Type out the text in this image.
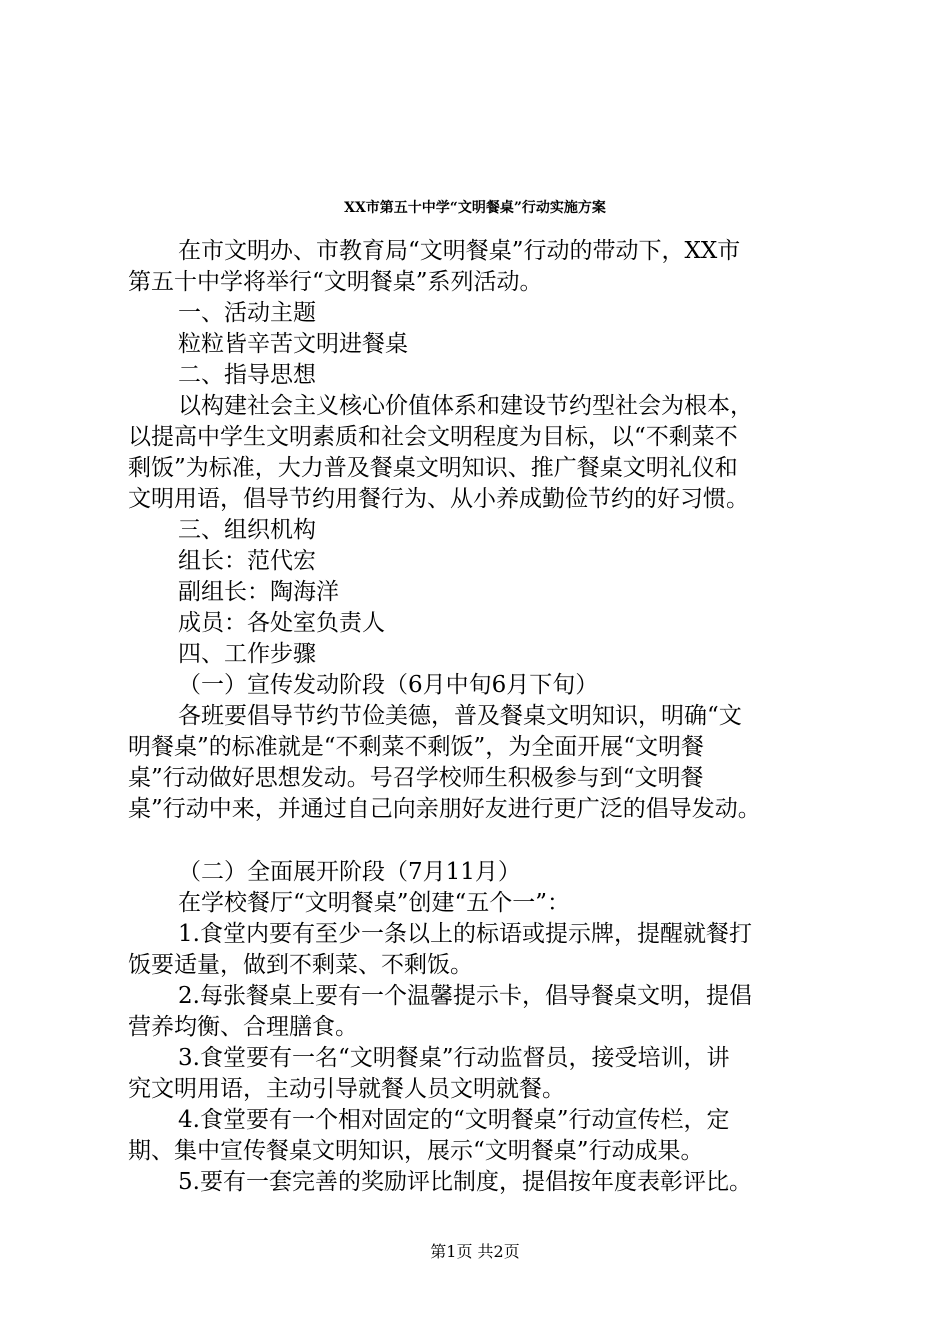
XX市第五十中学“文明餐桌”行动实施方案
在市文明办、市教育局“文明餐桌”行动的带动下，XX市
第五十中学将举行“文明餐桌”系列活动。
一、活动主题
粒粒皆辛苦文明进餐桌
二、指导思想
以构建社会主义核心价值体系和建设节约型社会为根本，
以提高中学生文明素质和社会文明程度为目标，以“不剩菜不
剩饭”为标准，大力普及餐桌文明知识、推广餐桌文明礼仪和
文明用语，倡导节约用餐行为、从小养成勤俭节约的好习惯。
三、组织机构
组长：范代宏
副组长：陶海洋
成员：各处室负责人
四、工作步骤
（一）宣传发动阶段（6月中旬6月下旬）
各班要倡导节约节俭美德，普及餐桌文明知识，明确“文
明餐桌”的标准就是“不剩菜不剩饭”，为全面开展“文明餐
桌”行动做好思想发动。号召学校师生积极参与到“文明餐
桌”行动中来，并通过自己向亲朋好友进行更广泛的倡导发动。
（二）全面展开阶段（7月11月）
在学校餐厅“文明餐桌”创建“五个一”：
1.食堂内要有至少一条以上的标语或提示牌，提醒就餐打
饭要适量，做到不剩菜、不剩饭。
2.每张餐桌上要有一个温馨提示卡，倡导餐桌文明，提倡
营养均衡、合理膳食。
3.食堂要有一名“文明餐桌”行动监督员，接受培训，讲
究文明用语，主动引导就餐人员文明就餐。
4.食堂要有一个相对固定的“文明餐桌”行动宣传栏，定
期、集中宣传餐桌文明知识，展示“文明餐桌”行动成果。
5.要有一套完善的奖励评比制度，提倡按年度表彰评比。
第1页 共2页
